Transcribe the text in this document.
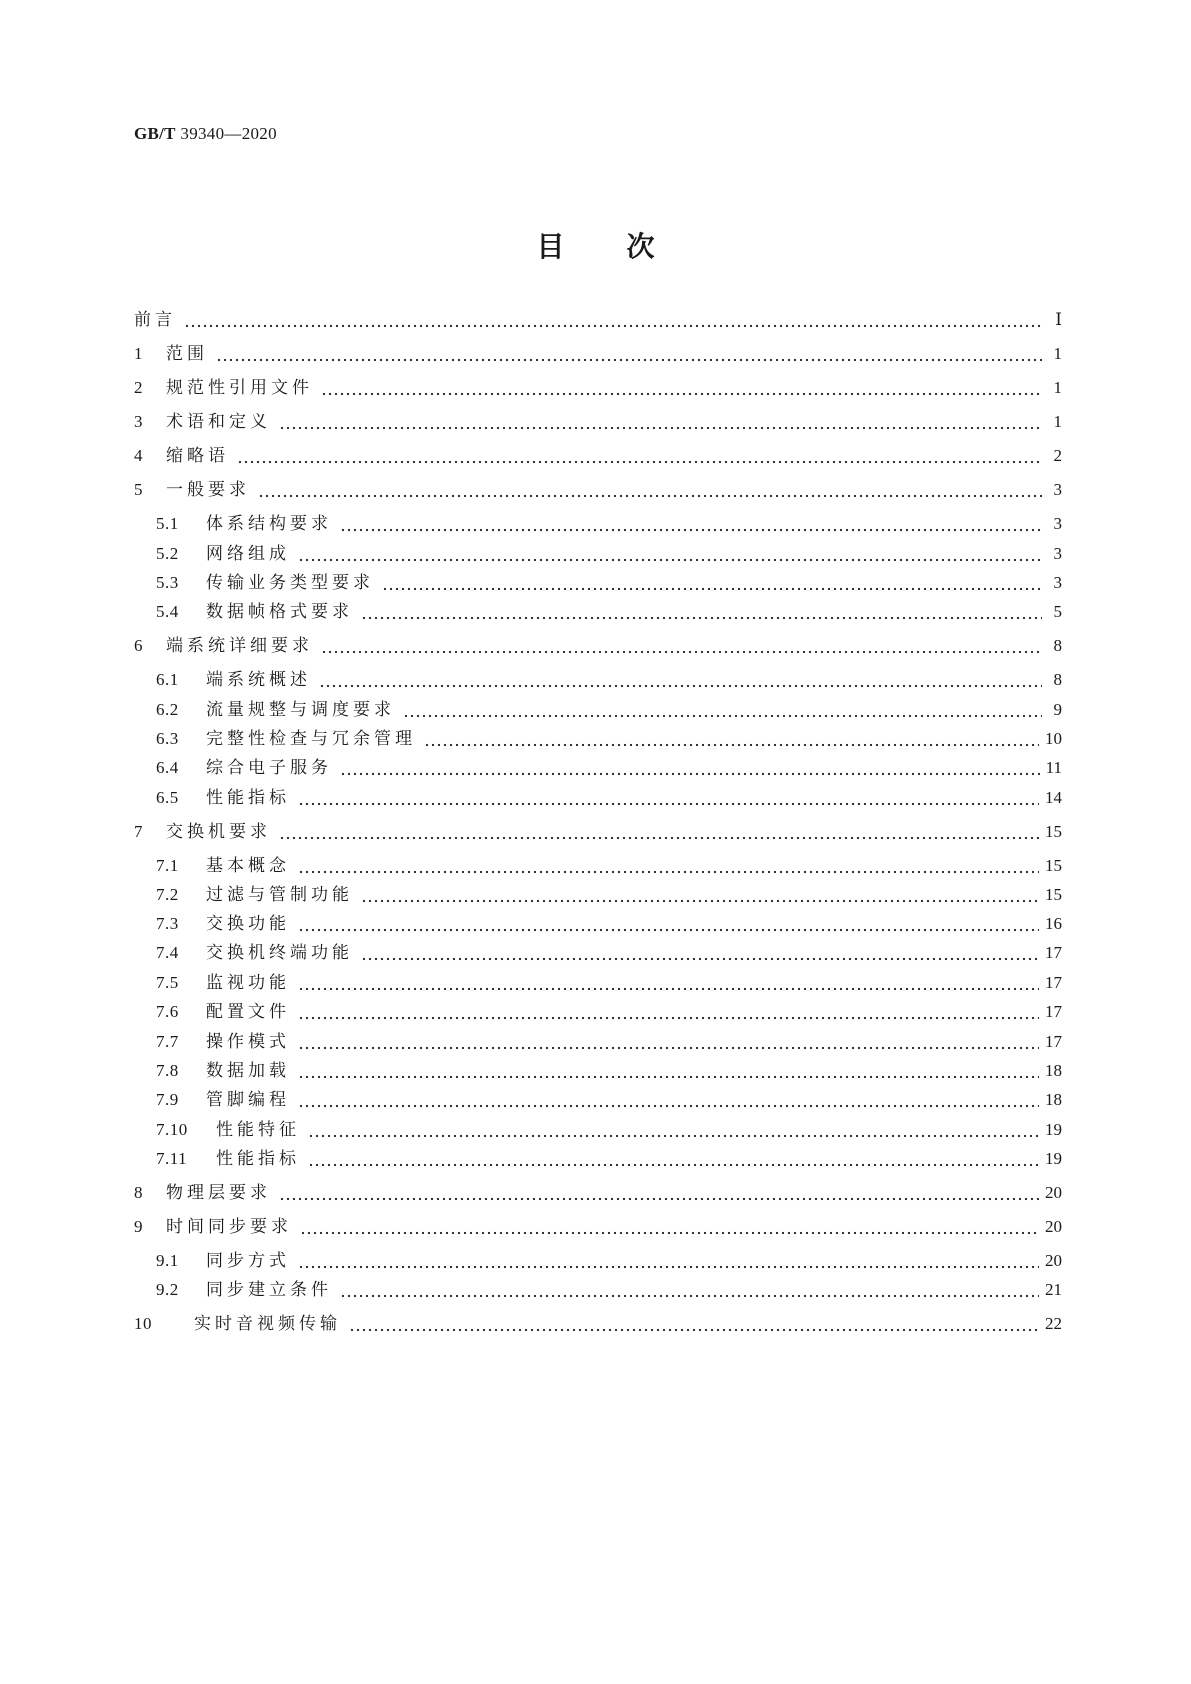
GB/T 39340—2020
目次
前言	Ⅰ
1	范围	1
2	规范性引用文件	1
3	术语和定义	1
4	缩略语	2
5	一般要求	3
5.1	体系结构要求	3
5.2	网络组成	3
5.3	传输业务类型要求	3
5.4	数据帧格式要求	5
6	端系统详细要求	8
6.1	端系统概述	8
6.2	流量规整与调度要求	9
6.3	完整性检查与冗余管理	10
6.4	综合电子服务	11
6.5	性能指标	14
7	交换机要求	15
7.1	基本概念	15
7.2	过滤与管制功能	15
7.3	交换功能	16
7.4	交换机终端功能	17
7.5	监视功能	17
7.6	配置文件	17
7.7	操作模式	17
7.8	数据加载	18
7.9	管脚编程	18
7.10	性能特征	19
7.11	性能指标	19
8	物理层要求	20
9	时间同步要求	20
9.1	同步方式	20
9.2	同步建立条件	21
10	实时音视频传输	22
